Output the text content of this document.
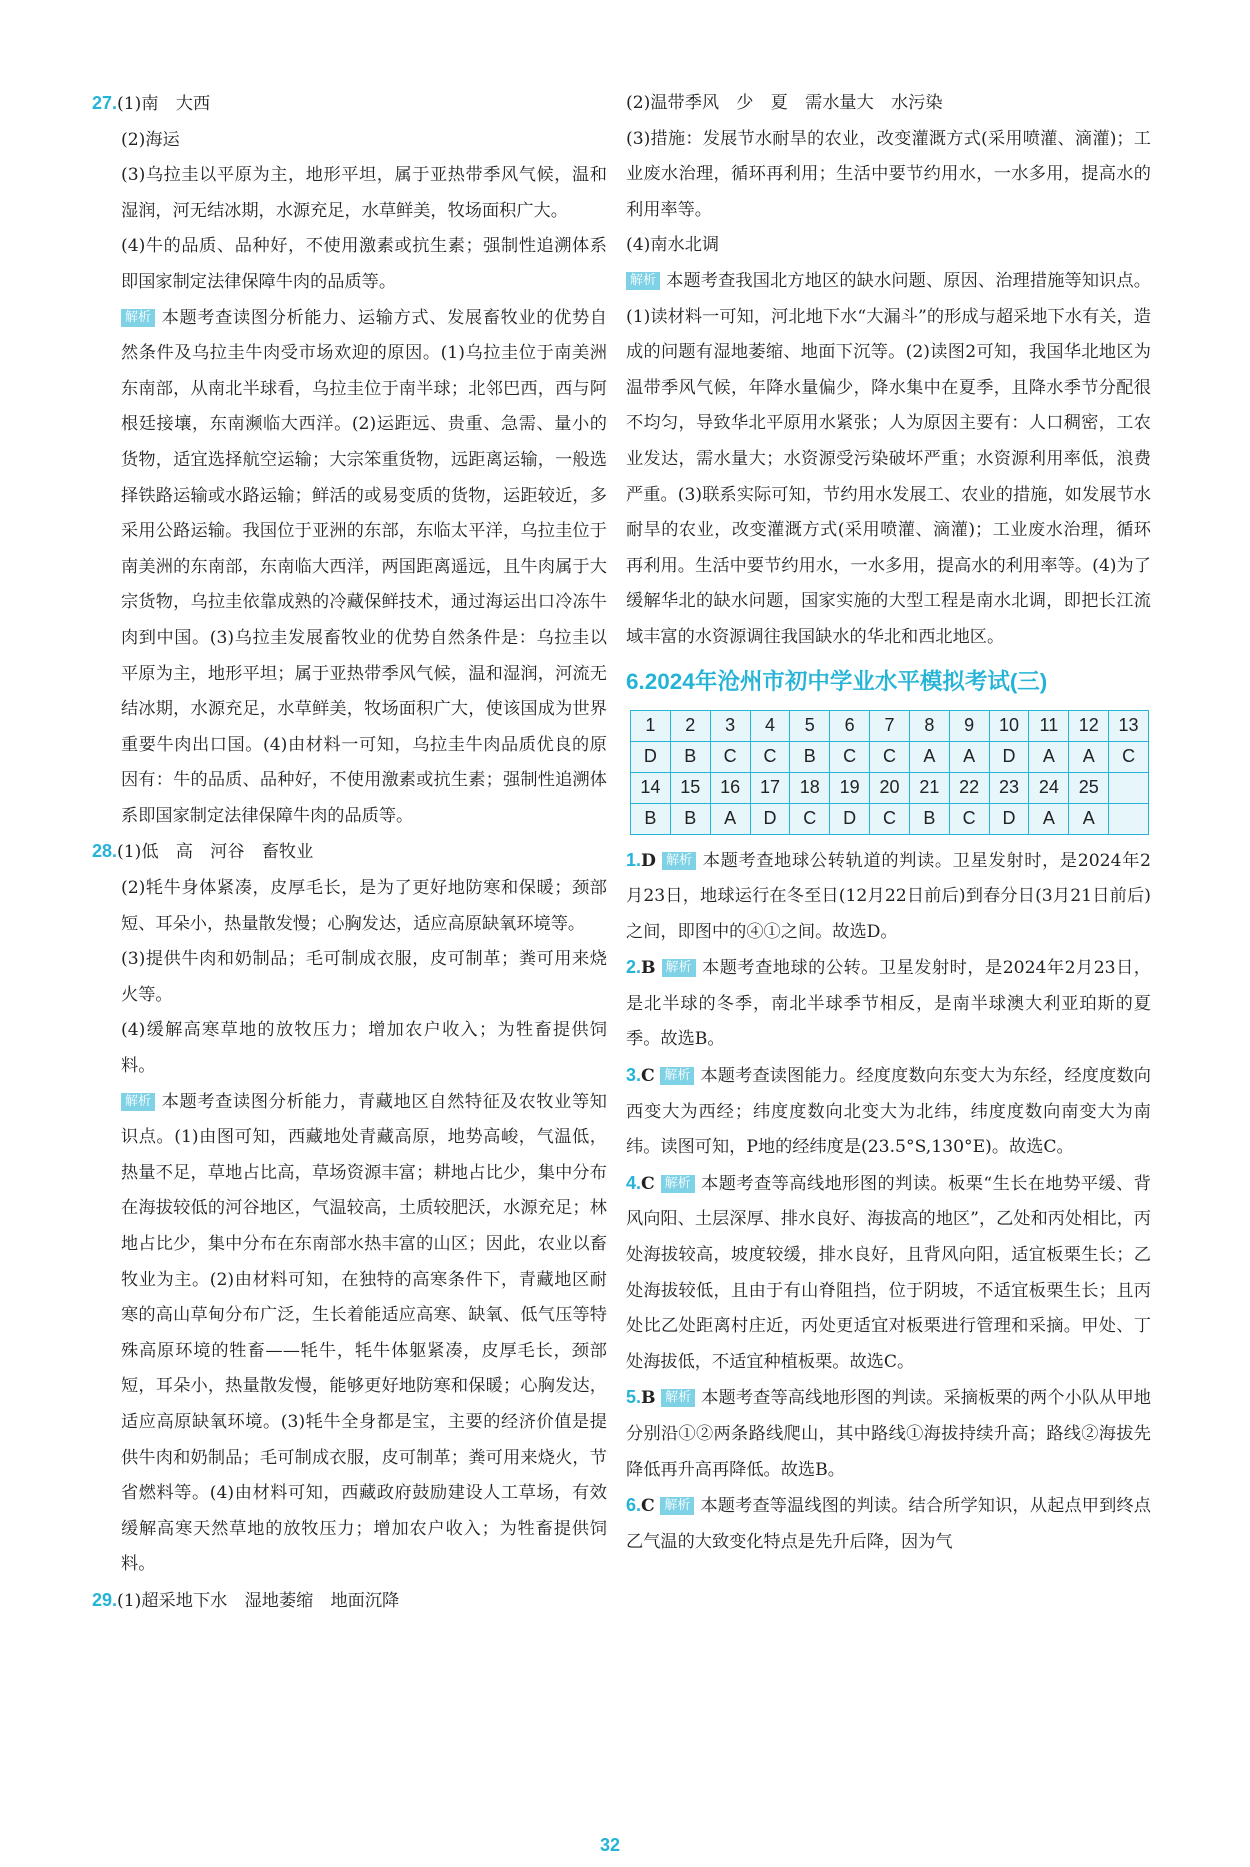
27.(1)南　大西

(2)海运

(3)乌拉圭以平原为主，地形平坦，属于亚热带季风气候，温和湿润，河无结冰期，水源充足，水草鲜美，牧场面积广大。

(4)牛的品质、品种好，不使用激素或抗生素；强制性追溯体系即国家制定法律保障牛肉的品质等。

解析 本题考查读图分析能力、运输方式、发展畜牧业的优势自然条件及乌拉圭牛肉受市场欢迎的原因。(1)乌拉圭位于南美洲东南部，从南北半球看，乌拉圭位于南半球；北邻巴西，西与阿根廷接壤，东南濒临大西洋。(2)运距远、贵重、急需、量小的货物，适宜选择航空运输；大宗笨重货物，远距离运输，一般选择铁路运输或水路运输；鲜活的或易变质的货物，运距较近，多采用公路运输。我国位于亚洲的东部，东临太平洋，乌拉圭位于南美洲的东南部，东南临大西洋，两国距离遥远，且牛肉属于大宗货物，乌拉圭依靠成熟的冷藏保鲜技术，通过海运出口冷冻牛肉到中国。(3)乌拉圭发展畜牧业的优势自然条件是：乌拉圭以平原为主，地形平坦；属于亚热带季风气候，温和湿润，河流无结冰期，水源充足，水草鲜美，牧场面积广大，使该国成为世界重要牛肉出口国。(4)由材料一可知，乌拉圭牛肉品质优良的原因有：牛的品质、品种好，不使用激素或抗生素；强制性追溯体系即国家制定法律保障牛肉的品质等。

28.(1)低　高　河谷　畜牧业

(2)牦牛身体紧凑，皮厚毛长，是为了更好地防寒和保暖；颈部短、耳朵小，热量散发慢；心胸发达，适应高原缺氧环境等。

(3)提供牛肉和奶制品；毛可制成衣服，皮可制革；粪可用来烧火等。

(4)缓解高寒草地的放牧压力；增加农户收入；为牲畜提供饲料。

解析 本题考查读图分析能力，青藏地区自然特征及农牧业等知识点。(1)由图可知，西藏地处青藏高原，地势高峻，气温低，热量不足，草地占比高，草场资源丰富；耕地占比少，集中分布在海拔较低的河谷地区，气温较高，土质较肥沃，水源充足；林地占比少，集中分布在东南部水热丰富的山区；因此，农业以畜牧业为主。(2)由材料可知，在独特的高寒条件下，青藏地区耐寒的高山草甸分布广泛，生长着能适应高寒、缺氧、低气压等特殊高原环境的牲畜——牦牛，牦牛体躯紧凑，皮厚毛长，颈部短，耳朵小，热量散发慢，能够更好地防寒和保暖；心胸发达，适应高原缺氧环境。(3)牦牛全身都是宝，主要的经济价值是提供牛肉和奶制品；毛可制成衣服，皮可制革；粪可用来烧火，节省燃料等。(4)由材料可知，西藏政府鼓励建设人工草场，有效缓解高寒天然草地的放牧压力；增加农户收入；为牲畜提供饲料。

29.(1)超采地下水　湿地萎缩　地面沉降

(2)温带季风　少　夏　需水量大　水污染

(3)措施：发展节水耐旱的农业，改变灌溉方式(采用喷灌、滴灌)；工业废水治理，循环再利用；生活中要节约用水，一水多用，提高水的利用率等。

(4)南水北调

解析 本题考查我国北方地区的缺水问题、原因、治理措施等知识点。(1)读材料一可知，河北地下水“大漏斗”的形成与超采地下水有关，造成的问题有湿地萎缩、地面下沉等。(2)读图2可知，我国华北地区为温带季风气候，年降水量偏少，降水集中在夏季，且降水季节分配很不均匀，导致华北平原用水紧张；人为原因主要有：人口稠密，工农业发达，需水量大；水资源受污染破坏严重；水资源利用率低，浪费严重。(3)联系实际可知，节约用水发展工、农业的措施，如发展节水耐旱的农业，改变灌溉方式(采用喷灌、滴灌)；工业废水治理，循环再利用。生活中要节约用水，一水多用，提高水的利用率等。(4)为了缓解华北的缺水问题，国家实施的大型工程是南水北调，即把长江流域丰富的水资源调往我国缺水的华北和西北地区。

6.2024年沧州市初中学业水平模拟考试(三)
1	2	3	4	5	6	7	8	9	10	11	12	13
D	B	C	C	B	C	C	A	A	D	A	A	C
14	15	16	17	18	19	20	21	22	23	24	25	
B	B	A	D	C	D	C	B	C	D	A	A	

1.D 解析 本题考查地球公转轨道的判读。卫星发射时，是2024年2月23日，地球运行在冬至日(12月22日前后)到春分日(3月21日前后)之间，即图中的④①之间。故选D。

2.B 解析 本题考查地球的公转。卫星发射时，是2024年2月23日，是北半球的冬季，南北半球季节相反，是南半球澳大利亚珀斯的夏季。故选B。

3.C 解析 本题考查读图能力。经度度数向东变大为东经，经度度数向西变大为西经；纬度度数向北变大为北纬，纬度度数向南变大为南纬。读图可知，P地的经纬度是(23.5°S,130°E)。故选C。

4.C 解析 本题考查等高线地形图的判读。板栗“生长在地势平缓、背风向阳、土层深厚、排水良好、海拔高的地区”，乙处和丙处相比，丙处海拔较高，坡度较缓，排水良好，且背风向阳，适宜板栗生长；乙处海拔较低，且由于有山脊阻挡，位于阴坡，不适宜板栗生长；且丙处比乙处距离村庄近，丙处更适宜对板栗进行管理和采摘。甲处、丁处海拔低，不适宜种植板栗。故选C。

5.B 解析 本题考查等高线地形图的判读。采摘板栗的两个小队从甲地分别沿①②两条路线爬山，其中路线①海拔持续升高；路线②海拔先降低再升高再降低。故选B。

6.C 解析 本题考查等温线图的判读。结合所学知识，从起点甲到终点乙气温的大致变化特点是先升后降，因为气

32
